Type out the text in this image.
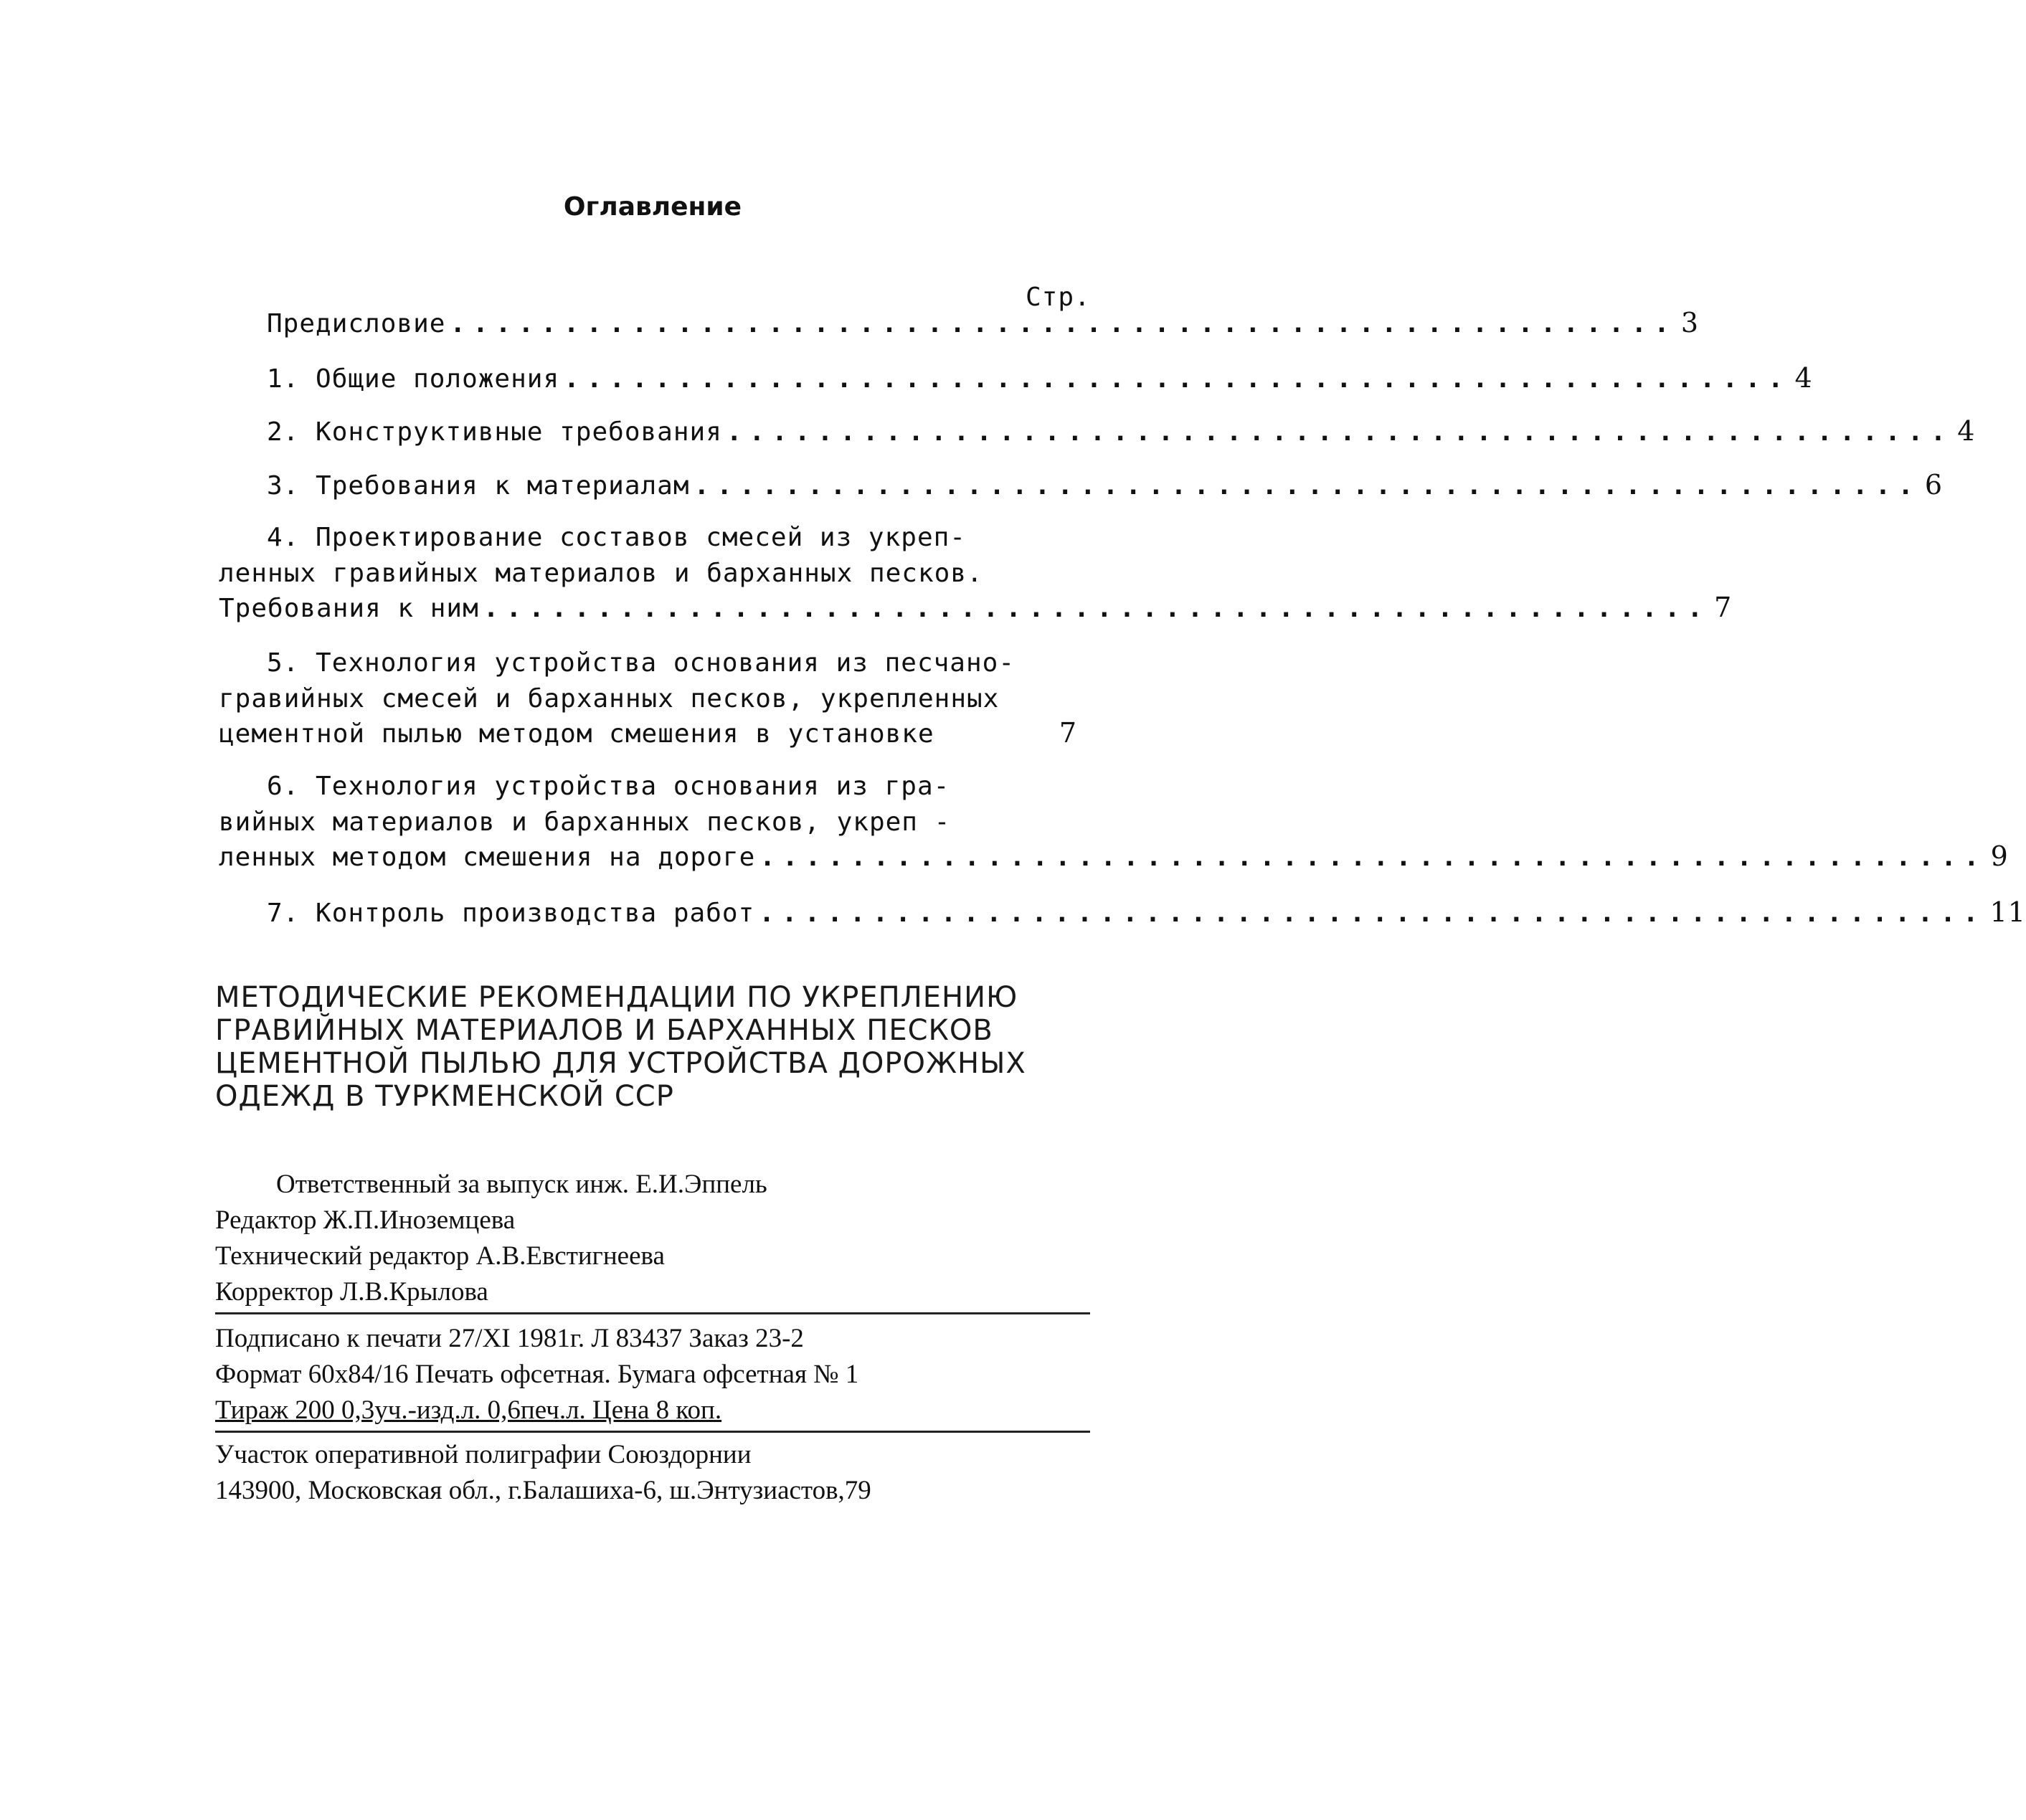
Оглавление
Стр.
Предисловие ...................................................... 3
1. Общие положения ...................................................... 4
2. Конструктивные требования ...................................................... 4
3. Требования к материалам ...................................................... 6
4. Проектирование составов смесей из укреп-
ленных гравийных материалов и барханных песков.
Требования к ним ...................................................... 7
5. Технология устройства основания из песчано-
гравийных смесей и барханных песков, укрепленных
цементной пылью методом смешения в установке	7
6. Технология устройства основания из гра-
вийных материалов и барханных песков, укреп -
ленных методом смешения на дороге ...................................................... 9
7. Контроль производства работ ...................................................... 11
МЕТОДИЧЕСКИЕ РЕКОМЕНДАЦИИ ПО УКРЕПЛЕНИЮ
ГРАВИЙНЫХ МАТЕРИАЛОВ И БАРХАННЫХ ПЕСКОВ
ЦЕМЕНТНОЙ ПЫЛЬЮ ДЛЯ УСТРОЙСТВА ДОРОЖНЫХ
ОДЕЖД В ТУРКМЕНСКОЙ ССР
Ответственный за выпуск инж. Е.И.Эппель
Редактор Ж.П.Иноземцева
Технический редактор А.В.Евстигнеева
Корректор Л.В.Крылова
Подписано к печати 27/XI 1981г. Л 83437 Заказ 23-2
Формат 60x84/16 Печать офсетная. Бумага офсетная № 1
Тираж 200 0,3уч.-изд.л. 0,6печ.л. Цена 8 коп.
Участок оперативной полиграфии Союздорнии
143900, Московская обл., г.Балашиха-6, ш.Энтузиастов,79
